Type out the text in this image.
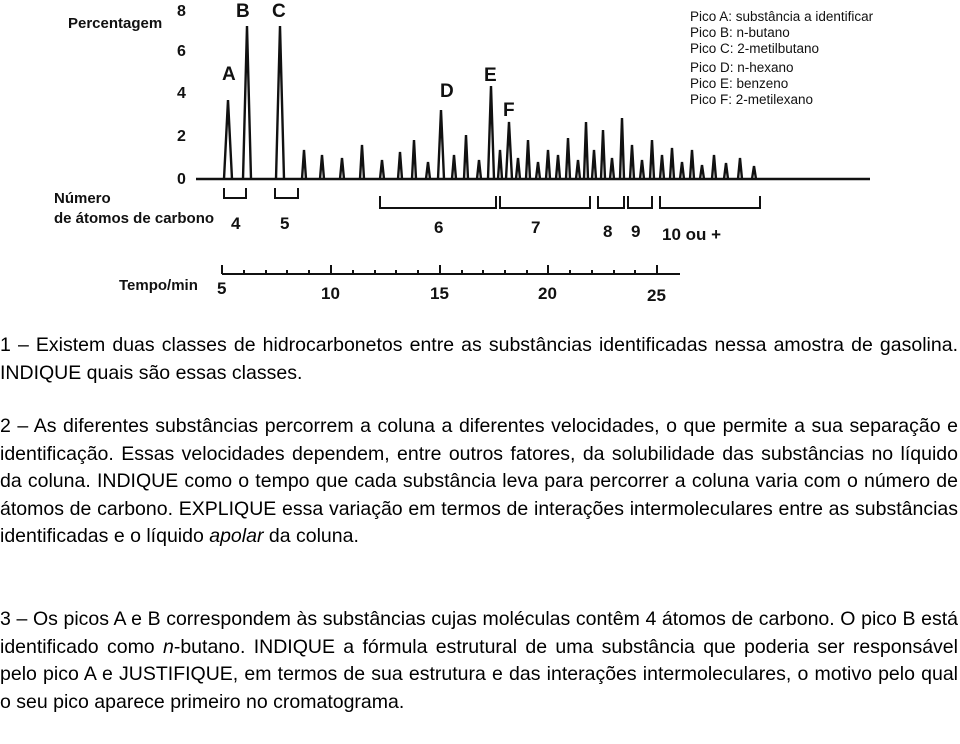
Percentagem
8
6
4
2
0
A
B C
D
E
F
Pico A: substância a identificar
Pico B: n-butano
Pico C: 2-metilbutano
Pico D: n-hexano
Pico E: benzeno
Pico F: 2-metilexano
Número
de átomos de carbono 4 5	6	7	8 9 10 ou +
Tempo/min 5	10	15	20	25

1 – Existem duas classes de hidrocarbonetos entre as substâncias identificadas nessa amostra de gasolina. INDIQUE quais são essas classes.

2 – As diferentes substâncias percorrem a coluna a diferentes velocidades, o que permite a sua separação e identificação. Essas velocidades dependem, entre outros fatores, da solubilidade das substâncias no líquido da coluna. INDIQUE como o tempo que cada substância leva para percorrer a coluna varia com o número de átomos de carbono. EXPLIQUE essa variação em termos de interações intermoleculares entre as substâncias identificadas e o líquido apolar da coluna.

3 – Os picos A e B correspondem às substâncias cujas moléculas contêm 4 átomos de carbono. O pico B está identificado como n-butano. INDIQUE a fórmula estrutural de uma substância que poderia ser responsável pelo pico A e JUSTIFIQUE, em termos de sua estrutura e das interações intermoleculares, o motivo pelo qual o seu pico aparece primeiro no cromatograma.
